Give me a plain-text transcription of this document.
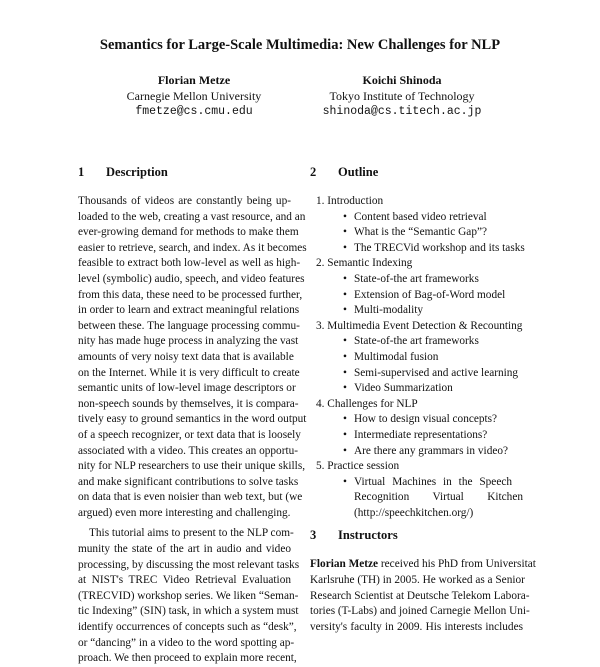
Semantics for Large-Scale Multimedia: New Challenges for NLP
Florian Metze
Carnegie Mellon University
fmetze@cs.cmu.edu
Koichi Shinoda
Tokyo Institute of Technology
shinoda@cs.titech.ac.jp
1 Description
Thousands of videos are constantly being up-
loaded to the web, creating a vast resource, and an
ever-growing demand for methods to make them
easier to retrieve, search, and index. As it becomes
feasible to extract both low-level as well as high-
level (symbolic) audio, speech, and video features
from this data, these need to be processed further,
in order to learn and extract meaningful relations
between these. The language processing commu-
nity has made huge process in analyzing the vast
amounts of very noisy text data that is available
on the Internet. While it is very difficult to create
semantic units of low-level image descriptors or
non-speech sounds by themselves, it is compara-
tively easy to ground semantics in the word output
of a speech recognizer, or text data that is loosely
associated with a video. This creates an opportu-
nity for NLP researchers to use their unique skills,
and make significant contributions to solve tasks
on data that is even noisier than web text, but (we
argued) even more interesting and challenging.
This tutorial aims to present to the NLP com-
munity the state of the art in audio and video
processing, by discussing the most relevant tasks
at NIST's TREC Video Retrieval Evaluation
(TRECVID) workshop series. We liken “Seman-
tic Indexing” (SIN) task, in which a system must
identify occurrences of concepts such as “desk”,
or “dancing” in a video to the word spotting ap-
proach. We then proceed to explain more recent,
2 Outline
1. Introduction
• Content based video retrieval
• What is the “Semantic Gap”?
• The TRECVid workshop and its tasks
2. Semantic Indexing
• State-of-the art frameworks
• Extension of Bag-of-Word model
• Multi-modality
3. Multimedia Event Detection & Recounting
• State-of-the art frameworks
• Multimodal fusion
• Semi-supervised and active learning
• Video Summarization
4. Challenges for NLP
• How to design visual concepts?
• Intermediate representations?
• Are there any grammars in video?
5. Practice session
• Virtual Machines in the Speech
Recognition Virtual Kitchen
(http://speechkitchen.org/)
3 Instructors
Florian Metze received his PhD from Universitat
Karlsruhe (TH) in 2005. He worked as a Senior
Research Scientist at Deutsche Telekom Labora-
tories (T-Labs) and joined Carnegie Mellon Uni-
versity's faculty in 2009. His interests includes
